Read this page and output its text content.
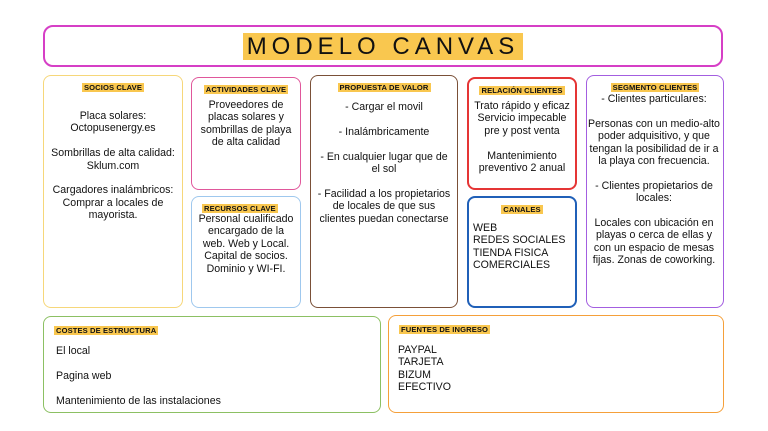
MODELO CANVAS
SOCIOS CLAVE

Placa solares: Octopusenergy.es

Sombrillas de alta calidad: Sklum.com

Cargadores inalámbricos: Comprar a locales de mayorista.

ACTIVIDADES CLAVE

Proveedores de placas solares y sombrillas de playa de alta calidad

RECURSOS CLAVE

Personal cualificado encargado de la web. Web y Local. Capital de socios. Dominio y WI-FI.

PROPUESTA DE VALOR

- Cargar el movil

- Inalámbricamente

- En cualquier lugar que de el sol

- Facilidad a los propietarios de locales de que sus clientes puedan conectarse

RELACIÓN CLIENTES

Trato rápido y eficaz

Servicio impecable pre y post venta

Mantenimiento preventivo 2 anual

CANALES
WEB
REDES SOCIALES
TIENDA FISICA
COMERCIALES
SEGMENTO CLIENTES

- Clientes particulares:

Personas con un medio-alto poder adquisitivo, y que tengan la posibilidad de ir a la playa con frecuencia.

- Clientes propietarios de locales:

Locales con ubicación en playas o cerca de ellas y con un espacio de mesas fijas. Zonas de coworking.

COSTES DE ESTRUCTURA

El local

Pagina web

Mantenimiento de las instalaciones

FUENTES DE INGRESO
PAYPAL
TARJETA
BIZUM
EFECTIVO
